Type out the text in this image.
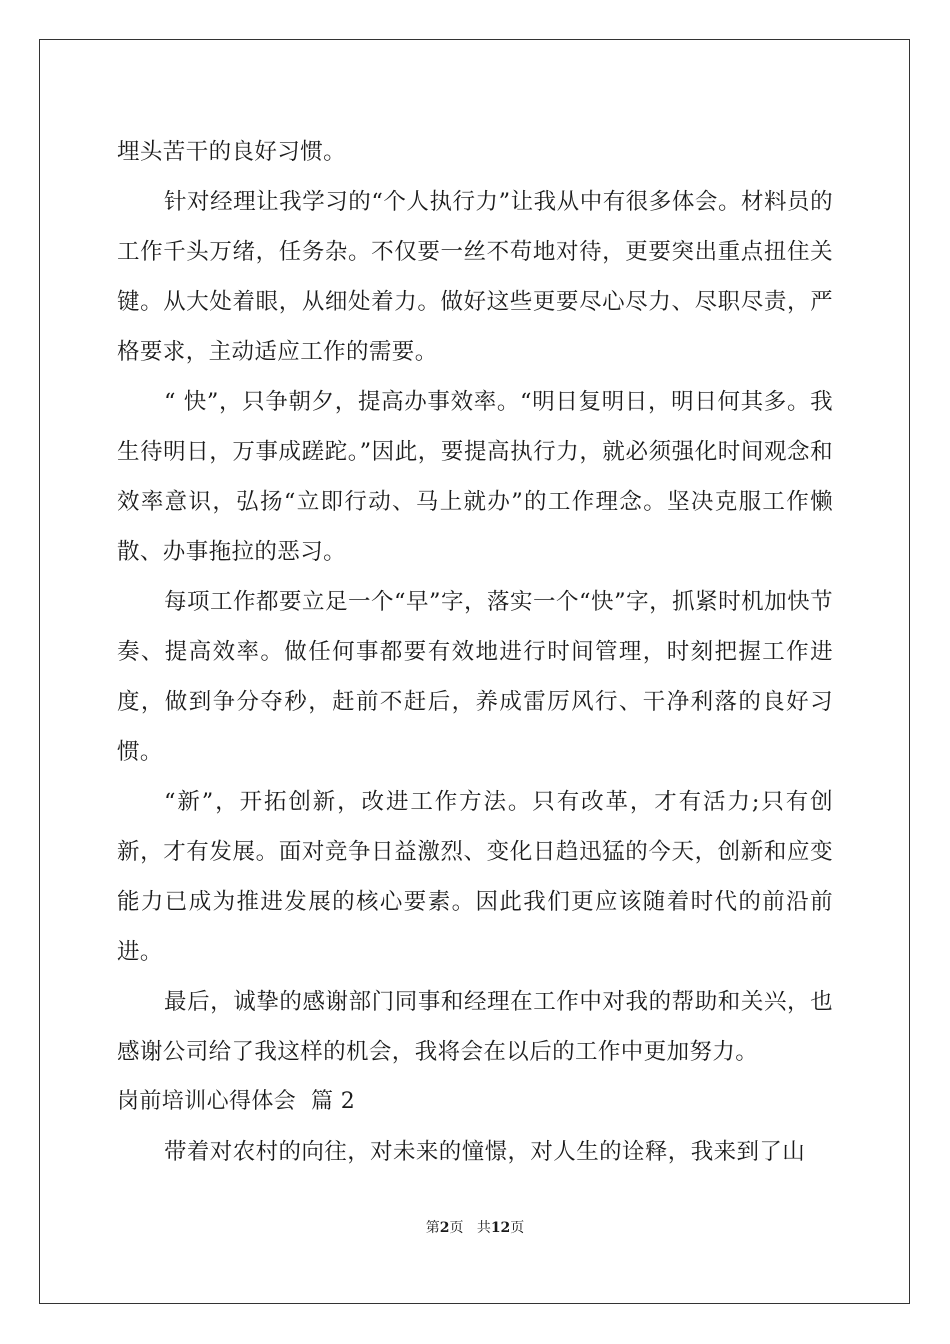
埋头苦干的良好习惯。

针对经理让我学习的“个人执行力”让我从中有很多体会。材料员的工作千头万绪，任务杂。不仅要一丝不苟地对待，更要突出重点扭住关键。从大处着眼，从细处着力。做好这些更要尽心尽力、尽职尽责，严格要求，主动适应工作的需要。

“ 快”，只争朝夕，提高办事效率。“明日复明日，明日何其多。我生待明日，万事成蹉跎。”因此，要提高执行力，就必须强化时间观念和效率意识，弘扬“立即行动、马上就办”的工作理念。坚决克服工作懒散、办事拖拉的恶习。

每项工作都要立足一个“早”字，落实一个“快”字，抓紧时机加快节奏、提高效率。做任何事都要有效地进行时间管理，时刻把握工作进度，做到争分夺秒，赶前不赶后，养成雷厉风行、干净利落的良好习惯。

“新”，开拓创新，改进工作方法。只有改革，才有活力;只有创新，才有发展。面对竞争日益激烈、变化日趋迅猛的今天，创新和应变能力已成为推进发展的核心要素。因此我们更应该随着时代的前沿前进。

最后，诚挚的感谢部门同事和经理在工作中对我的帮助和关兴，也感谢公司给了我这样的机会，我将会在以后的工作中更加努力。

岗前培训心得体会  篇 2

带着对农村的向往，对未来的憧憬，对人生的诠释，我来到了山

第2页 共12页
